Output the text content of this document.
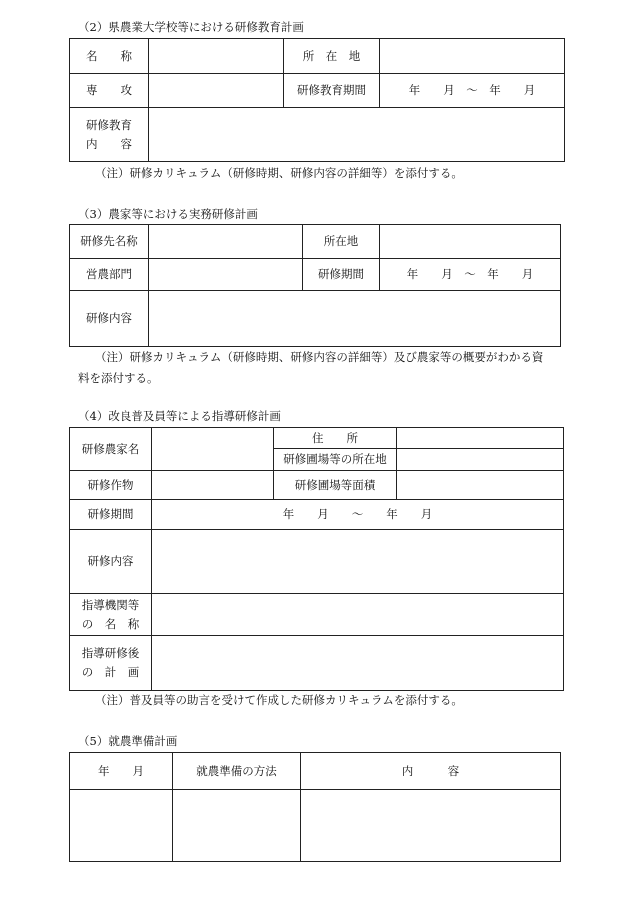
（2）県農業大学校等における研修教育計画
名　　称		所　在　地	
専　　攻		研修教育期間	年　　月　～　年　　月

研修教育
内　　容			

（注）研修カリキュラム（研修時期、研修内容の詳細等）を添付する。
（3）農家等における実務研修計画
研修先名称		所在地	
営農部門		研修期間	年　　月　～　年　　月
研修内容			
（注）研修カリキュラム（研修時期、研修内容の詳細等）及び農家等の概要がわかる資
料を添付する。
（4）改良普及員等による指導研修計画
研修農家名		住　　所	
		研修圃場等の所在地	
研修作物		研修圃場等面積	
研修期間	年　　月　　～　　年　　月		
研修内容			

指導機関等
の　名　称			

指導研修後
の　計　画			

（注）普及員等の助言を受けて作成した研修カリキュラムを添付する。
（5）就農準備計画
年　　月	就農準備の方法	内　　　容
